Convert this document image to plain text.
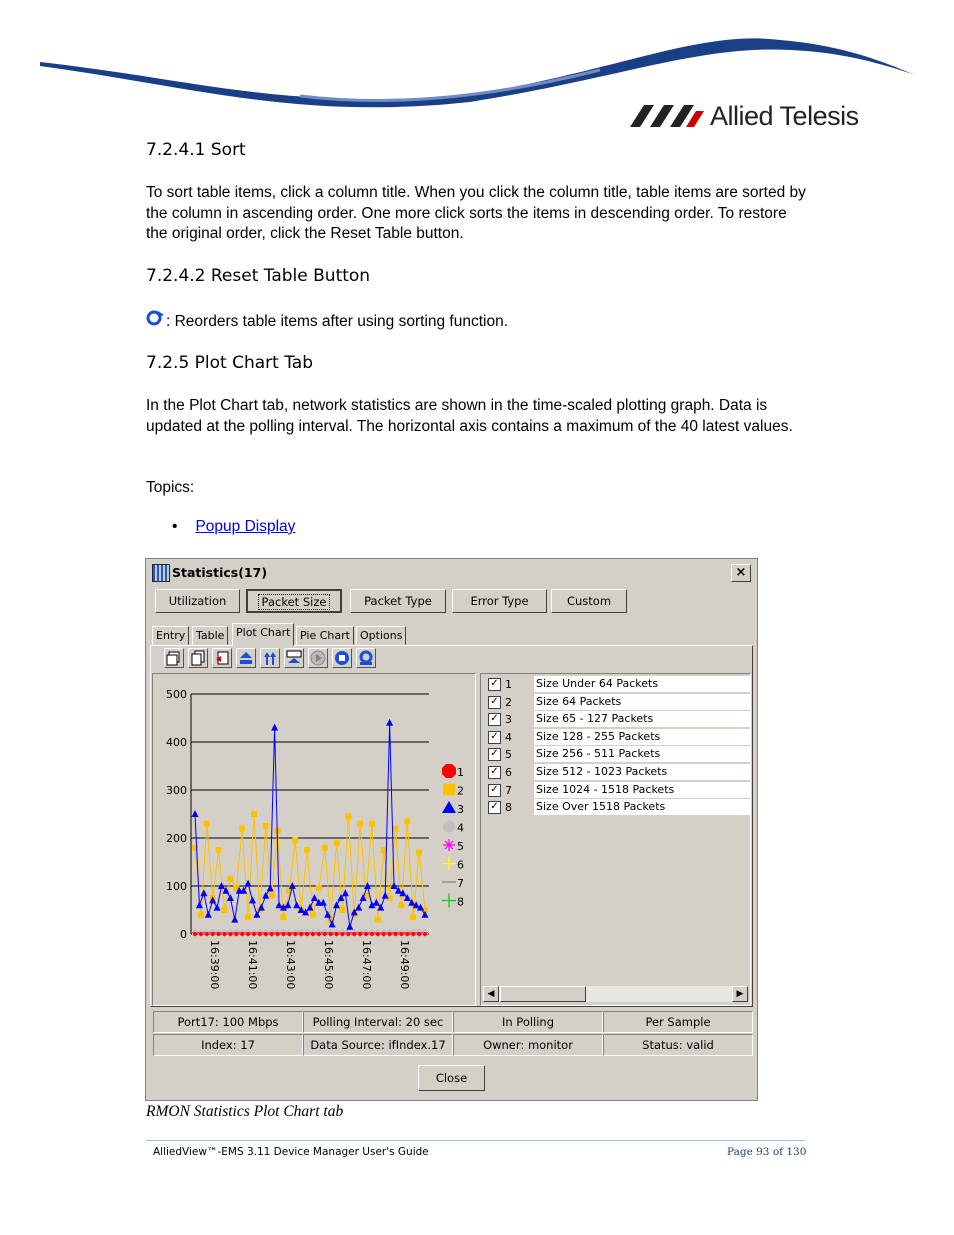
Allied Telesis
7.2.4.1 Sort

To sort table items, click a column title. When you click the column title, table items are sorted by the column in ascending order. One more click sorts the items in descending order. To restore the original order, click the Reset Table button.

7.2.4.2 Reset Table Button

: Reorders table items after using sorting function.

7.2.5 Plot Chart Tab

In the Plot Chart tab, network statistics are shown in the time-scaled plotting graph. Data is updated at the polling interval. The horizontal axis contains a maximum of the 40 latest values.

Topics:

• Popup Display
Statistics(17)	×
Utilization	Packet Size	Packet Type	Error Type	Custom
Entry Table	Plot Chart Pie Chart Options
0
100
200
300
400
500
16:39:00 16:41:00 16:43:00 16:45:00 16:47:00 16:49:00
1
2
3
4
5
6
7
8
✓ 1	Size Under 64 Packets
✓ 2	Size 64 Packets
✓ 3	Size 65 - 127 Packets
✓ 4	Size 128 - 255 Packets
✓ 5	Size 256 - 511 Packets
✓ 6	Size 512 - 1023 Packets
✓ 7	Size 1024 - 1518 Packets
✓ 8	Size Over 1518 Packets
◀	▶
Port17: 100 Mbps	Polling Interval: 20 sec	In Polling	Per Sample
Index: 17	Data Source: ifIndex.17	Owner: monitor	Status: valid
Close
RMON Statistics Plot Chart tab
AlliedView™-EMS 3.11 Device Manager User's Guide	Page 93 of 130
